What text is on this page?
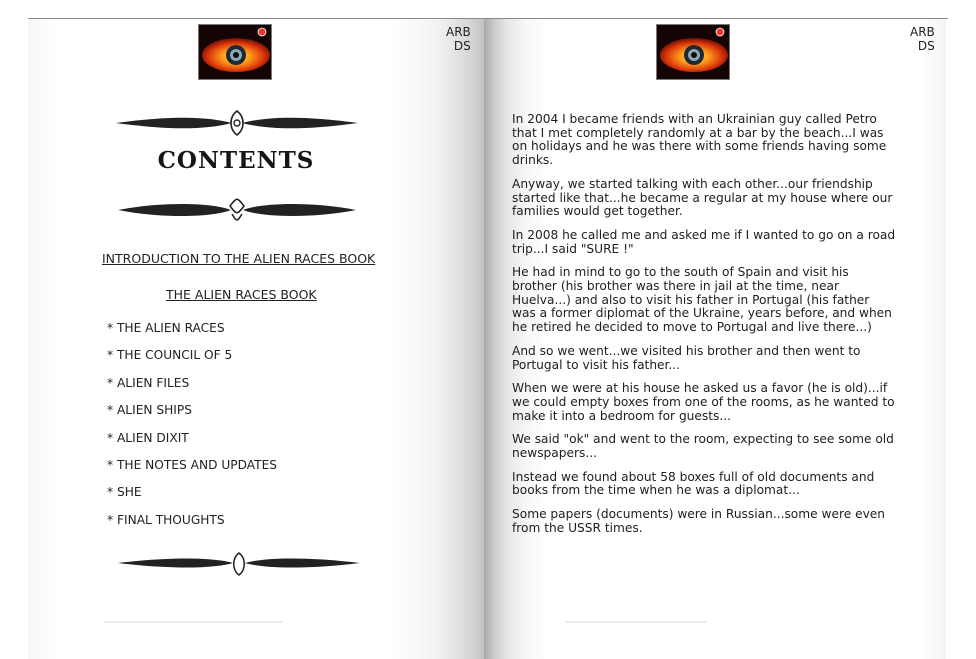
ARB
DS
CONTENTS

INTRODUCTION TO THE ALIEN RACES BOOK

THE ALIEN RACES BOOK

* THE ALIEN RACES
* THE COUNCIL OF 5
* ALIEN FILES
* ALIEN SHIPS
* ALIEN DIXIT
* THE NOTES AND UPDATES
* SHE
* FINAL THOUGHTS
ARB
DS

In 2004 I became friends with an Ukrainian guy called Petro
that I met completely randomly at a bar by the beach...I was
on holidays and he was there with some friends having some
drinks.

Anyway, we started talking with each other...our friendship
started like that...he became a regular at my house where our
families would get together.

In 2008 he called me and asked me if I wanted to go on a road
trip...I said "SURE !"

He had in mind to go to the south of Spain and visit his
brother (his brother was there in jail at the time, near
Huelva...) and also to visit his father in Portugal (his father
was a former diplomat of the Ukraine, years before, and when
he retired he decided to move to Portugal and live there...)

And so we went...we visited his brother and then went to
Portugal to visit his father...

When we were at his house he asked us a favor (he is old)...if
we could empty boxes from one of the rooms, as he wanted to
make it into a bedroom for guests...

We said "ok" and went to the room, expecting to see some old
newspapers...

Instead we found about 58 boxes full of old documents and
books from the time when he was a diplomat...

Some papers (documents) were in Russian...some were even
from the USSR times.
